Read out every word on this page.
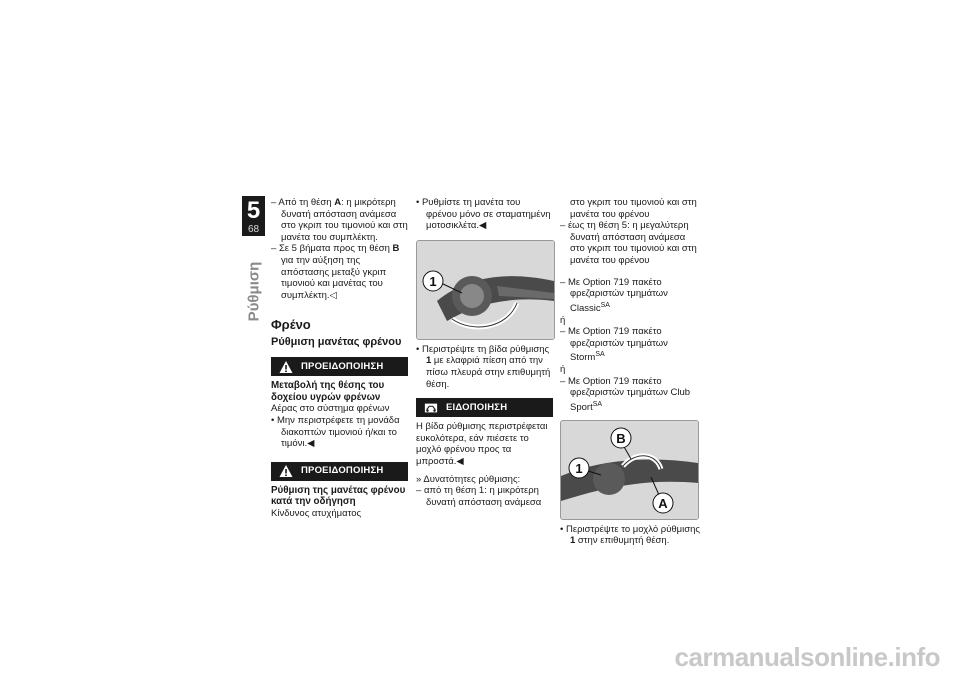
5
68
Ρύθμιση

– Από τη θέση A: η μικρότερη δυνατή απόσταση ανάμεσα στο γκριπ του τιμονιού και στη μανέτα του συμπλέκτη.

– Σε 5 βήματα προς τη θέση B για την αύξηση της απόστασης μεταξύ γκριπ τιμονιού και μανέτας του συμπλέκτη.◁

Φρένο
Ρύθμιση μανέτας φρένου
ΠΡΟΕΙΔΟΠΟΙΗΣΗ

Μεταβολή της θέσης του δοχείου υγρών φρένων

Αέρας στο σύστημα φρένων

• Μην περιστρέφετε τη μονάδα διακοπτών τιμονιού ή/και το τιμόνι.◀

ΠΡΟΕΙΔΟΠΟΙΗΣΗ

Ρύθμιση της μανέτας φρένου κατά την οδήγηση

Κίνδυνος ατυχήματος

• Ρυθμίστε τη μανέτα του φρένου μόνο σε σταματημένη μοτοσικλέτα.◀

1

• Περιστρέψτε τη βίδα ρύθμισης 1 με ελαφριά πίεση από την πίσω πλευρά στην επιθυμητή θέση.

ΕΙΔΟΠΟΙΗΣΗ

Η βίδα ρύθμισης περιστρέφεται ευκολότερα, εάν πιέσετε το μοχλό φρένου προς τα μπροστά.◀

» Δυνατότητες ρύθμισης:

– από τη θέση 1: η μικρότερη δυνατή απόσταση ανάμεσα

στο γκριπ του τιμονιού και στη μανέτα του φρένου

– έως τη θέση 5: η μεγαλύτερη δυνατή απόσταση ανάμεσα στο γκριπ του τιμονιού και στη μανέτα του φρένου

– Με Option 719 πακέτο φρεζαριστών τμημάτων Classic$^{SA}$

ή

– Με Option 719 πακέτο φρεζαριστών τμημάτων Storm$^{SA}$

ή

– Με Option 719 πακέτο φρεζαριστών τμημάτων Club Sport$^{SA}$

1
B
A

• Περιστρέψτε το μοχλό ρύθμισης 1 στην επιθυμητή θέση.

carmanualsonline.info
